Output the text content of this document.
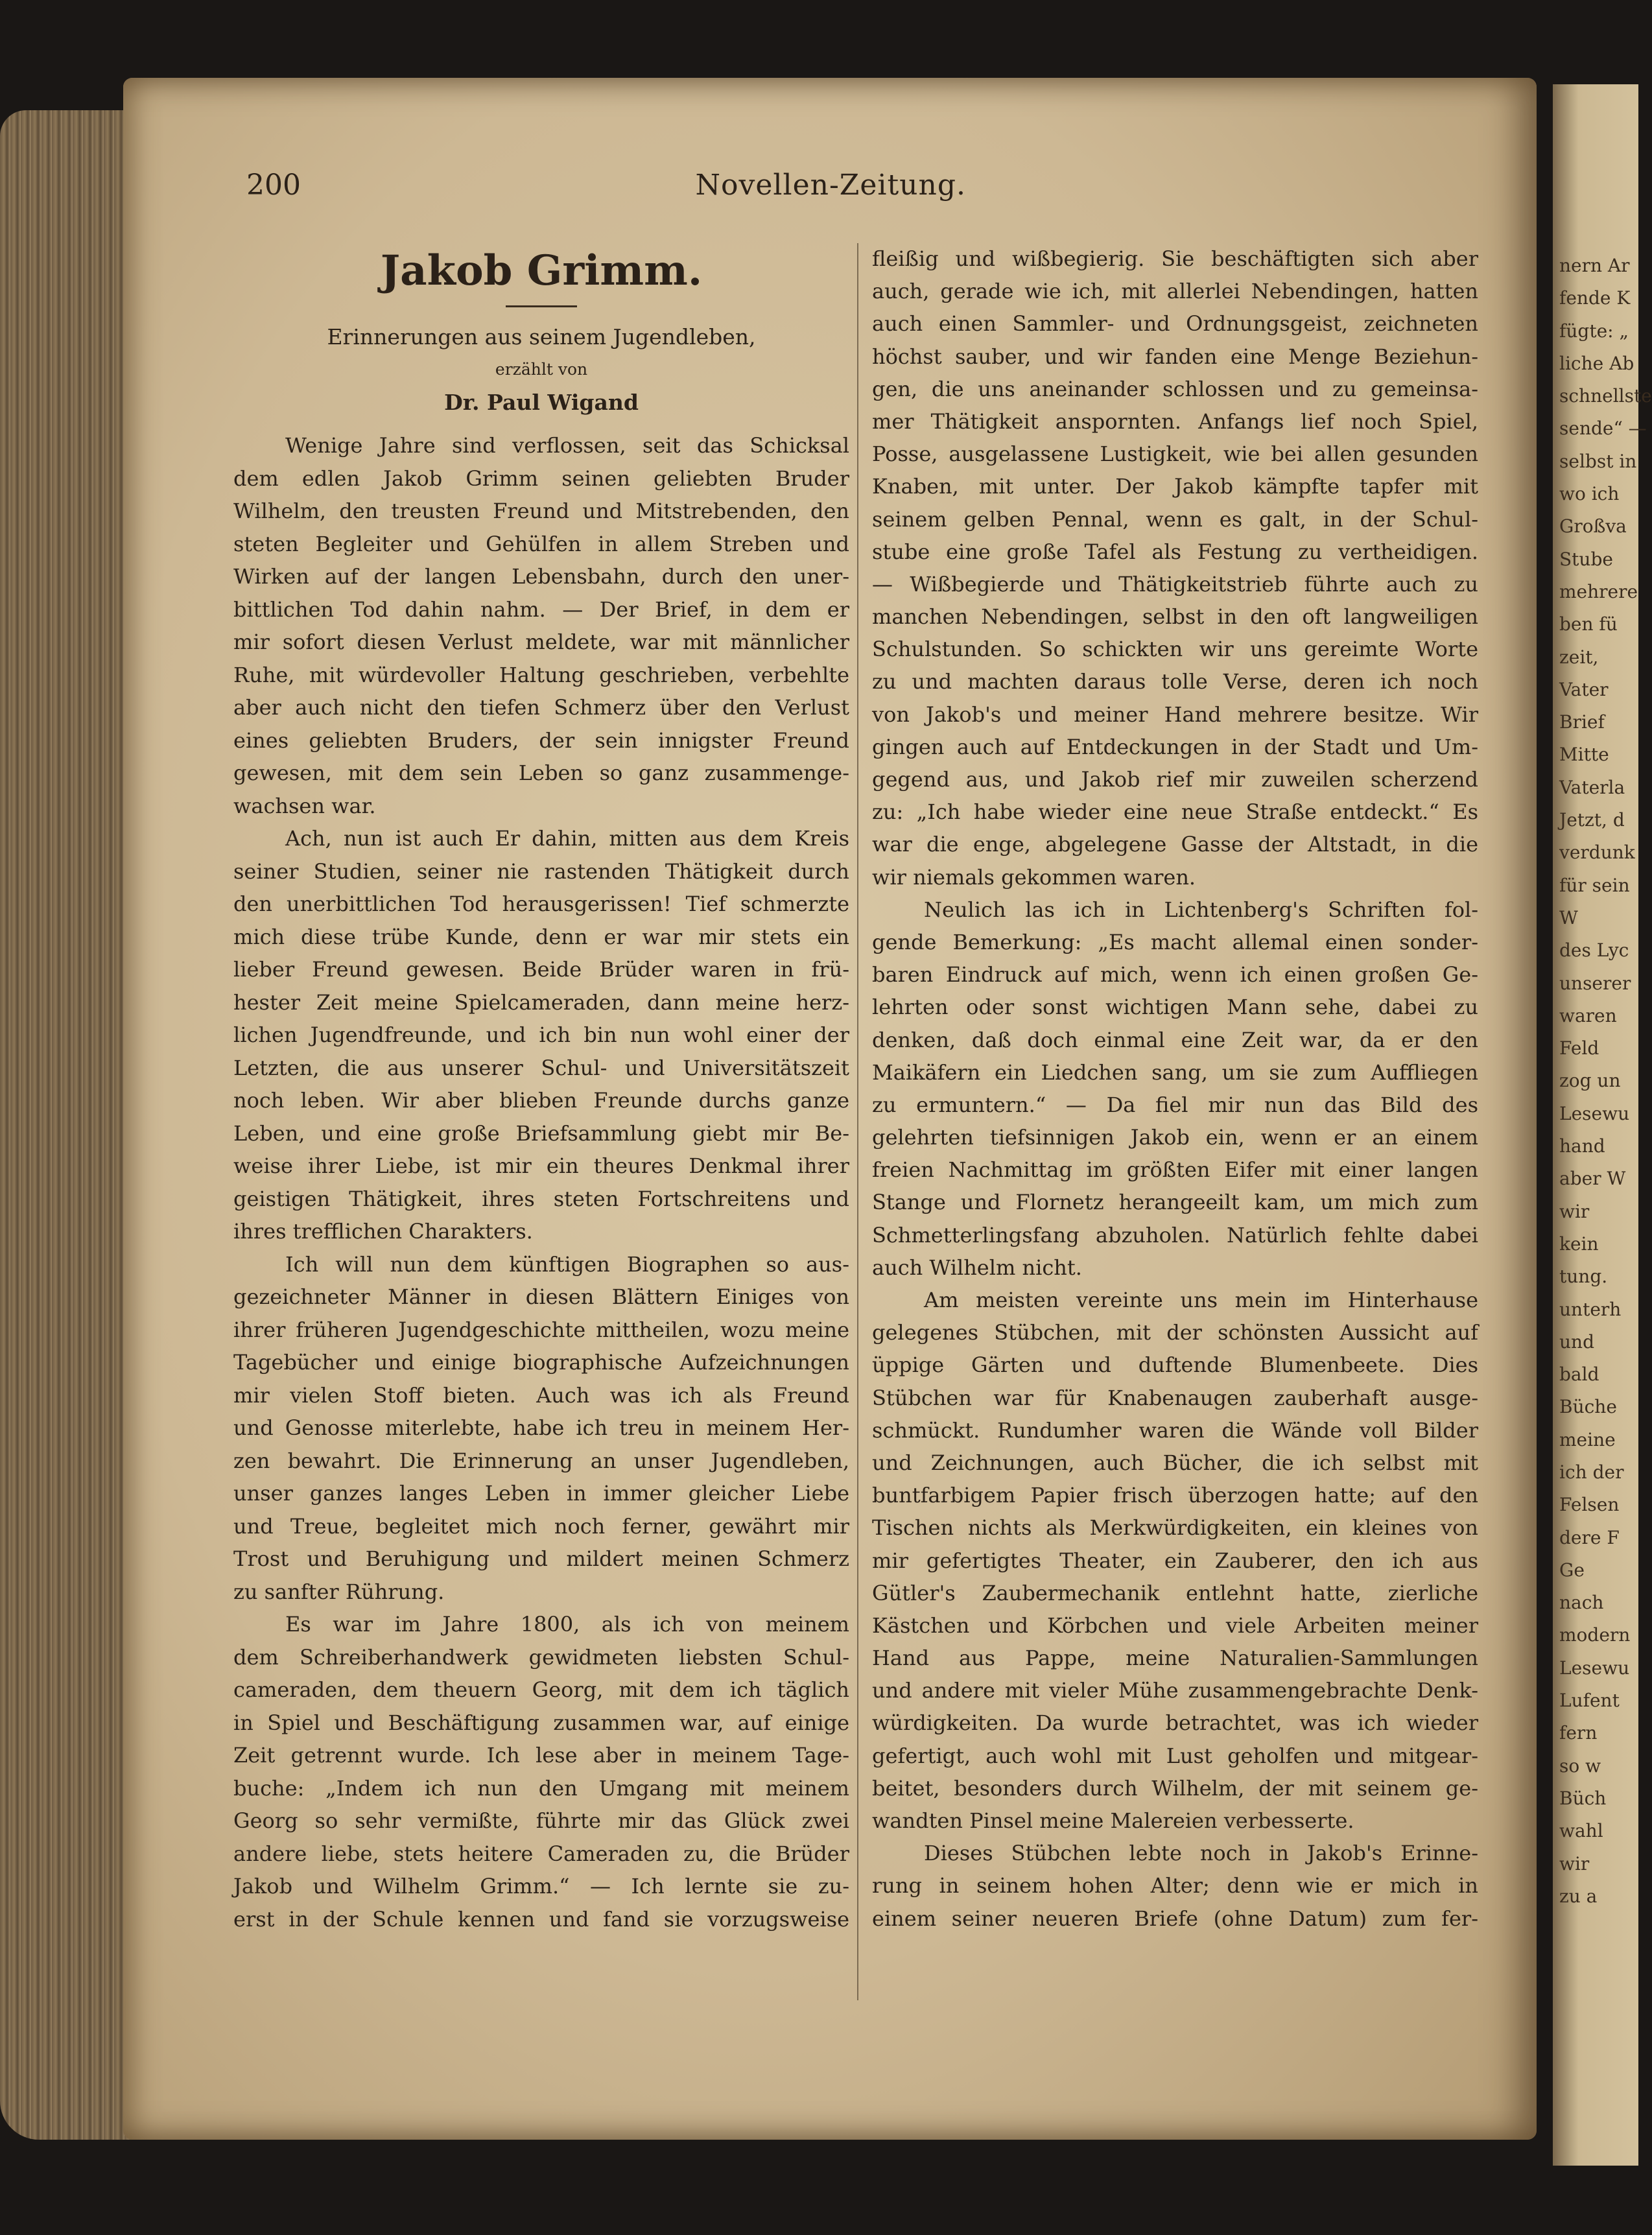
nern Ar
fende K
fügte: „
liche Ab
schnellste
sende“ —
selbst in
wo ich
Großva
Stube
mehrere
ben fü
zeit,
Vater
Brief
Mitte
Vaterla
Jetzt, d
verdunk
für sein
W
des Lyc
unserer
waren
Feld
zog un
Lesewu
hand
aber W
wir
kein
tung.
unterh
und
bald
Büche
meine
ich der
Felsen
dere F
Ge
nach
modern
Lesewu
Lufent
fern
so w
Büch
wahl
wir
zu a
200	Novellen-Zeitung.
Jakob Grimm.
Erinnerungen aus seinem Jugendleben,
erzählt von
Dr. Paul Wigand
Wenige Jahre sind verflossen, seit das Schicksal
dem edlen Jakob Grimm seinen geliebten Bruder
Wilhelm, den treusten Freund und Mitstrebenden, den
steten Begleiter und Gehülfen in allem Streben und
Wirken auf der langen Lebensbahn, durch den uner-
bittlichen Tod dahin nahm. — Der Brief, in dem er
mir sofort diesen Verlust meldete, war mit männlicher
Ruhe, mit würdevoller Haltung geschrieben, verbehlte
aber auch nicht den tiefen Schmerz über den Verlust
eines geliebten Bruders, der sein innigster Freund
gewesen, mit dem sein Leben so ganz zusammenge-
wachsen war.
Ach, nun ist auch Er dahin, mitten aus dem Kreis
seiner Studien, seiner nie rastenden Thätigkeit durch
den unerbittlichen Tod herausgerissen! Tief schmerzte
mich diese trübe Kunde, denn er war mir stets ein
lieber Freund gewesen. Beide Brüder waren in frü-
hester Zeit meine Spielcameraden, dann meine herz-
lichen Jugendfreunde, und ich bin nun wohl einer der
Letzten, die aus unserer Schul- und Universitätszeit
noch leben. Wir aber blieben Freunde durchs ganze
Leben, und eine große Briefsammlung giebt mir Be-
weise ihrer Liebe, ist mir ein theures Denkmal ihrer
geistigen Thätigkeit, ihres steten Fortschreitens und
ihres trefflichen Charakters.
Ich will nun dem künftigen Biographen so aus-
gezeichneter Männer in diesen Blättern Einiges von
ihrer früheren Jugendgeschichte mittheilen, wozu meine
Tagebücher und einige biographische Aufzeichnungen
mir vielen Stoff bieten. Auch was ich als Freund
und Genosse miterlebte, habe ich treu in meinem Her-
zen bewahrt. Die Erinnerung an unser Jugendleben,
unser ganzes langes Leben in immer gleicher Liebe
und Treue, begleitet mich noch ferner, gewährt mir
Trost und Beruhigung und mildert meinen Schmerz
zu sanfter Rührung.
Es war im Jahre 1800, als ich von meinem
dem Schreiberhandwerk gewidmeten liebsten Schul-
cameraden, dem theuern Georg, mit dem ich täglich
in Spiel und Beschäftigung zusammen war, auf einige
Zeit getrennt wurde. Ich lese aber in meinem Tage-
buche: „Indem ich nun den Umgang mit meinem
Georg so sehr vermißte, führte mir das Glück zwei
andere liebe, stets heitere Cameraden zu, die Brüder
Jakob und Wilhelm Grimm.“ — Ich lernte sie zu-
erst in der Schule kennen und fand sie vorzugsweise
fleißig und wißbegierig. Sie beschäftigten sich aber
auch, gerade wie ich, mit allerlei Nebendingen, hatten
auch einen Sammler- und Ordnungsgeist, zeichneten
höchst sauber, und wir fanden eine Menge Beziehun-
gen, die uns aneinander schlossen und zu gemeinsa-
mer Thätigkeit anspornten. Anfangs lief noch Spiel,
Posse, ausgelassene Lustigkeit, wie bei allen gesunden
Knaben, mit unter. Der Jakob kämpfte tapfer mit
seinem gelben Pennal, wenn es galt, in der Schul-
stube eine große Tafel als Festung zu vertheidigen.
— Wißbegierde und Thätigkeitstrieb führte auch zu
manchen Nebendingen, selbst in den oft langweiligen
Schulstunden. So schickten wir uns gereimte Worte
zu und machten daraus tolle Verse, deren ich noch
von Jakob's und meiner Hand mehrere besitze. Wir
gingen auch auf Entdeckungen in der Stadt und Um-
gegend aus, und Jakob rief mir zuweilen scherzend
zu: „Ich habe wieder eine neue Straße entdeckt.“ Es
war die enge, abgelegene Gasse der Altstadt, in die
wir niemals gekommen waren.
Neulich las ich in Lichtenberg's Schriften fol-
gende Bemerkung: „Es macht allemal einen sonder-
baren Eindruck auf mich, wenn ich einen großen Ge-
lehrten oder sonst wichtigen Mann sehe, dabei zu
denken, daß doch einmal eine Zeit war, da er den
Maikäfern ein Liedchen sang, um sie zum Auffliegen
zu ermuntern.“ — Da fiel mir nun das Bild des
gelehrten tiefsinnigen Jakob ein, wenn er an einem
freien Nachmittag im größten Eifer mit einer langen
Stange und Flornetz herangeeilt kam, um mich zum
Schmetterlingsfang abzuholen. Natürlich fehlte dabei
auch Wilhelm nicht.
Am meisten vereinte uns mein im Hinterhause
gelegenes Stübchen, mit der schönsten Aussicht auf
üppige Gärten und duftende Blumenbeete. Dies
Stübchen war für Knabenaugen zauberhaft ausge-
schmückt. Rundumher waren die Wände voll Bilder
und Zeichnungen, auch Bücher, die ich selbst mit
buntfarbigem Papier frisch überzogen hatte; auf den
Tischen nichts als Merkwürdigkeiten, ein kleines von
mir gefertigtes Theater, ein Zauberer, den ich aus
Gütler's Zaubermechanik entlehnt hatte, zierliche
Kästchen und Körbchen und viele Arbeiten meiner
Hand aus Pappe, meine Naturalien-Sammlungen
und andere mit vieler Mühe zusammengebrachte Denk-
würdigkeiten. Da wurde betrachtet, was ich wieder
gefertigt, auch wohl mit Lust geholfen und mitgear-
beitet, besonders durch Wilhelm, der mit seinem ge-
wandten Pinsel meine Malereien verbesserte.
Dieses Stübchen lebte noch in Jakob's Erinne-
rung in seinem hohen Alter; denn wie er mich in
einem seiner neueren Briefe (ohne Datum) zum fer-
